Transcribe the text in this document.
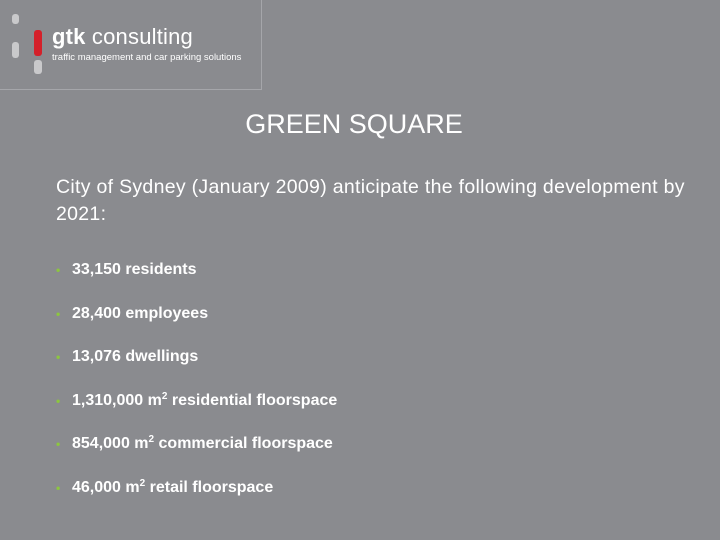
gtk consulting
traffic management and car parking solutions
GREEN SQUARE
City of Sydney (January 2009) anticipate the following development by 2021:
• 33,150 residents
• 28,400 employees
• 13,076 dwellings
• 1,310,000 $m^2$ residential floorspace
• 854,000 $m^2$ commercial floorspace
• 46,000 $m^2$ retail floorspace
